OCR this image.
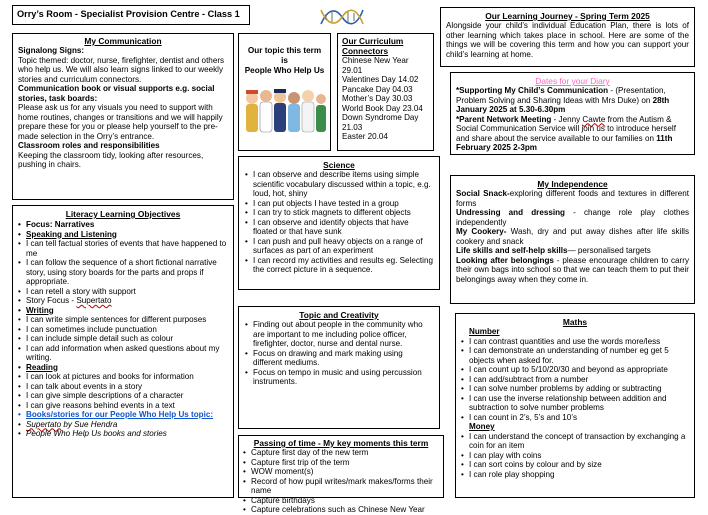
Orry’s Room - Specialist Provision Centre - Class 1
My Communication
Signalong Signs:
Topic themed: doctor, nurse, firefighter, dentist and others who help us. We will also learn signs linked to our weekly stories and curriculum connectors.
Communication book or visual supports e.g. social stories, task boards:
Please ask us for any visuals you need to support with home routines, changes or transitions and we will happily prepare these for you or please help yourself to the pre-made selection in the Orry’s entrance.
Classroom roles and responsibilities
Keeping the classroom tidy, looking after resources, pushing in chairs.
Our topic this term
is
People Who Help Us
Our Curriculum Connectors
Chinese New Year 29.01
Valentines Day 14.02
Pancake Day 04.03
Mother’s Day 30.03
World Book Day 23.04
Down Syndrome Day 21.03
Easter 20.04
Our Learning Journey - Spring Term 2025
Alongside your child’s individual Education Plan, there is lots of other learning which takes place in school. Here are some of the things we will be covering this term and how you can support your child’s learning at home.
Dates for your Diary
*Supporting My Child’s Communication - (Presentation, Problem Solving and Sharing Ideas with Mrs Duke) on 28th January 2025 at 5.30-6.30pm
*Parent Network Meeting - Jenny Cawte from the Autism & Social Communication Service will join us to introduce herself and share about the service available to our families on 11th February 2025 2-3pm
Science
• I can observe and describe items using simple scientific vocabulary discussed within a topic, e.g. loud, hot, shiny
• I can put objects I have tested in a group
• I can try to stick magnets to different objects
• I can observe and identify objects that have floated or that have sunk
• I can push and pull heavy objects on a range of surfaces as part of an experiment
• I can record my activities and results eg. Selecting the correct picture in a sequence.
My Independence
Social Snack-exploring different foods and textures in different forms
Undressing and dressing - change role play clothes independently
My Cookery- Wash, dry and put away dishes after life skills cookery and snack
Life skills and self-help skills— personalised targets
Looking after belongings - please encourage children to carry their own bags into school so that we can teach them to put their belongings away when they come in.
Literacy Learning Objectives
• Focus: Narratives
• Speaking and Listening
• I can tell factual stories of events that have happened to me
• I can follow the sequence of a short fictional narrative story, using story boards for the parts and props if appropriate.
• I can retell a story with support
• Story Focus - Supertato
• Writing
• I can write simple sentences for different purposes
• I can sometimes include punctuation
• I can include simple detail such as colour
• I can add information when asked questions about my writing.
• Reading
• I can look at pictures and books for information
• I can talk about events in a story
• I can give simple descriptions of a character
• I can give reasons behind events in a text
• Books/stories for our People Who Help Us topic:
• Supertato by Sue Hendra
• People Who Help Us books and stories
Topic and Creativity
• Finding out about people in the community who are important to me including police officer, firefighter, doctor, nurse and dental nurse.
• Focus on drawing and mark making using different mediums.
• Focus on tempo in music and using percussion instruments.
Passing of time - My key moments this term
• Capture first day of the new term
• Capture first trip of the term
• WOW moment(s)
• Record of how pupil writes/mark makes/forms their name
• Capture birthdays
• Capture celebrations such as Chinese New Year
Maths
Number
• I can contrast quantities and use the words more/less
• I can demonstrate an understanding of number eg get 5 objects when asked for.
• I can count up to 5/10/20/30 and beyond as appropriate
• I can add/subtract from a number
• I can solve number problems by adding or subtracting
• I can use the inverse relationship between addition and subtraction to solve number problems
• I can count in 2’s, 5’s and 10’s
Money
• I can understand the concept of transaction by exchanging a coin for an item
• I can play with coins
• I can sort coins by colour and by size
• I can role play shopping
